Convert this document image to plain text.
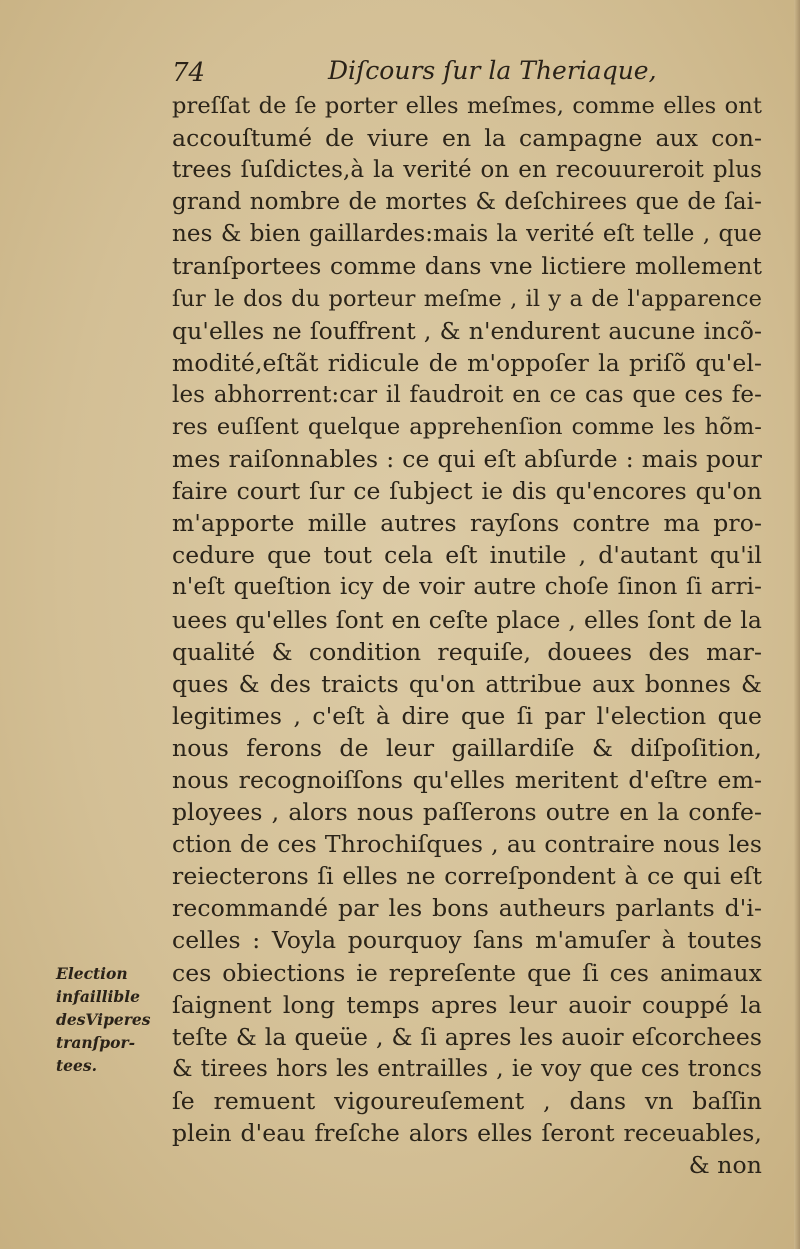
74	Diſcours ſur la Theriaque,
preſſat de ſe porter elles meſmes, comme elles ont
accouſtumé de viure en la campagne aux con-
trees ſuſdictes,à la verité on en recouureroit plus
grand nombre de mortes & deſchirees que de ſai-
nes & bien gaillardes:mais la verité eſt telle , que
tranſportees comme dans vne lictiere mollement
ſur le dos du porteur meſme , il y a de l'apparence
qu'elles ne ſouffrent , & n'endurent aucune incõ-
modité,eſtãt ridicule de m'oppoſer la priſõ qu'el-
les abhorrent:car il faudroit en ce cas que ces fe-
res euſſent quelque apprehenſion comme les hõm-
mes raiſonnables : ce qui eſt abſurde : mais pour
faire court ſur ce ſubject ie dis qu'encores qu'on
m'apporte mille autres rayſons contre ma pro-
cedure que tout cela eſt inutile , d'autant qu'il
n'eſt queſtion icy de voir autre choſe ſinon ſi arri-
uees qu'elles ſont en ceſte place , elles ſont de la
qualité & condition requiſe, douees des mar-
ques & des traicts qu'on attribue aux bonnes &
legitimes , c'eſt à dire que ſi par l'election que
nous ferons de leur gaillardiſe & diſpoſition,
nous recognoiſſons qu'elles meritent d'eſtre em-
ployees , alors nous paſſerons outre en la confe-
ction de ces Throchiſques , au contraire nous les
reiecterons ſi elles ne correſpondent à ce qui eſt
recommandé par les bons autheurs parlants d'i-
celles : Voyla pourquoy ſans m'amuſer à toutes
ces obiections ie repreſente que ſi ces animaux
ſaignent long temps apres leur auoir couppé la
teſte & la queüe , & ſi apres les auoir eſcorchees
& tirees hors les entrailles , ie voy que ces troncs
ſe remuent vigoureuſement , dans vn baſſin
plein d'eau freſche alors elles ſeront receuables,
& non
Election
infaillible
desViperes
tranſpor-
tees.
